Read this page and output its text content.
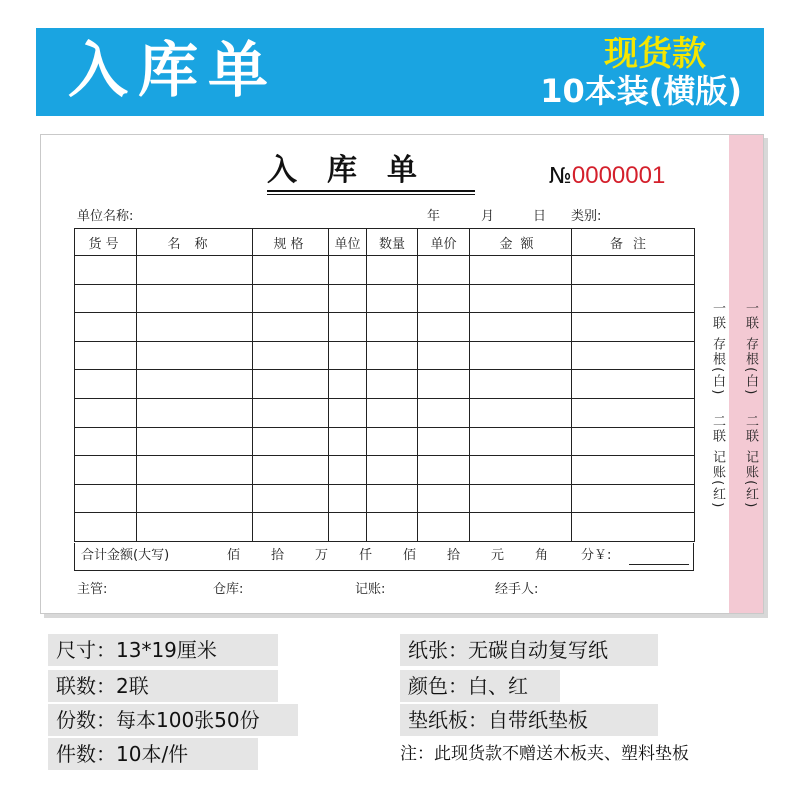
入库单	现货款
10本装(横版)
入库单	№0000001
单位名称:	年	月	日 类别:
货号	名称	规格	单位	数量	单价	金额	备注

合计金额(大写)	佰 拾 万 仟 佰 拾 元 角	分￥:
主管:	仓库:	记账:	经手人:
一联 存根(白) 二联 记账(红)
一联 存根(白) 二联 记账(红)
尺寸：13*19厘米
联数：2联
份数：每本100张50份
件数：10本/件
纸张：无碳自动复写纸
颜色：白、红
垫纸板：自带纸垫板
注：此现货款不赠送木板夹、塑料垫板
